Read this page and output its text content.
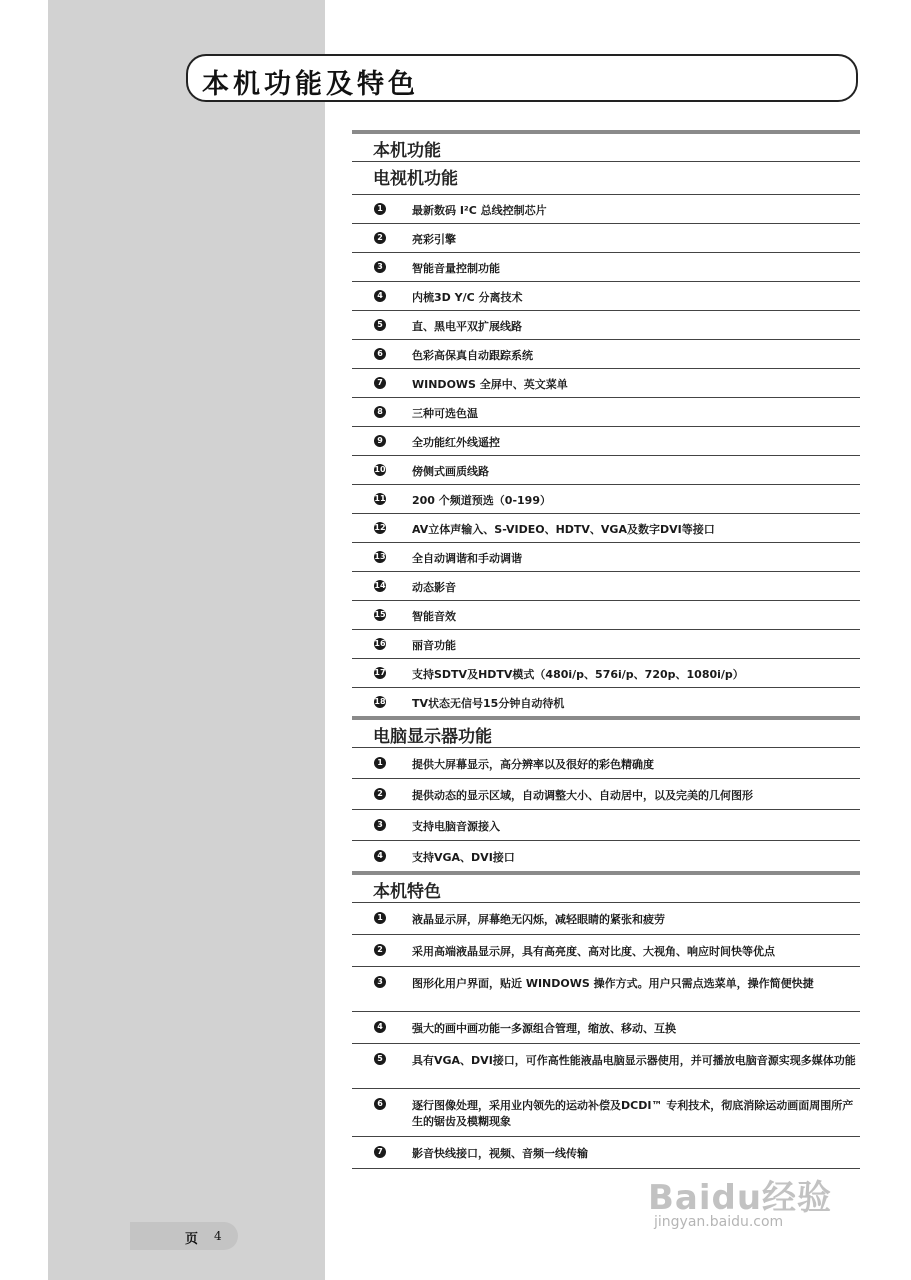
本机功能及特色
本机功能
电视机功能
1	最新数码 I²C 总线控制芯片
2	亮彩引擎
3	智能音量控制功能
4	内梳3D Y/C 分离技术
5	直、黑电平双扩展线路
6	色彩高保真自动跟踪系统
7	WINDOWS 全屏中、英文菜单
8	三种可选色温
9	全功能红外线遥控
10 傍侧式画质线路
11 200 个频道预选（0-199）
12 AV立体声输入、S-VIDEO、HDTV、VGA及数字DVI等接口
13 全自动调谐和手动调谐
14 动态影音
15 智能音效
16 丽音功能
17 支持SDTV及HDTV模式（480i/p、576i/p、720p、1080i/p）
18 TV状态无信号15分钟自动待机
电脑显示器功能
1	提供大屏幕显示，高分辨率以及很好的彩色精确度
2	提供动态的显示区域，自动调整大小、自动居中，以及完美的几何图形
3	支持电脑音源接入
4	支持VGA、DVI接口
本机特色
1	液晶显示屏，屏幕绝无闪烁，减轻眼睛的紧张和疲劳
2	采用高端液晶显示屏，具有高亮度、高对比度、大视角、响应时间快等优点
3	图形化用户界面，贴近 WINDOWS 操作方式。用户只需点选菜单，操作简便快捷
4	强大的画中画功能一多源组合管理，缩放、移动、互换
5	具有VGA、DVI接口，可作高性能液晶电脑显示器使用，并可播放电脑音源实现多媒体功能
6	逐行图像处理，采用业内领先的运动补偿及DCDI™ 专利技术，彻底消除运动画面周围所产生的锯齿及模糊现象
7	影音快线接口，视频、音频一线传输
页 4
Baidu经验
jingyan.baidu.com
